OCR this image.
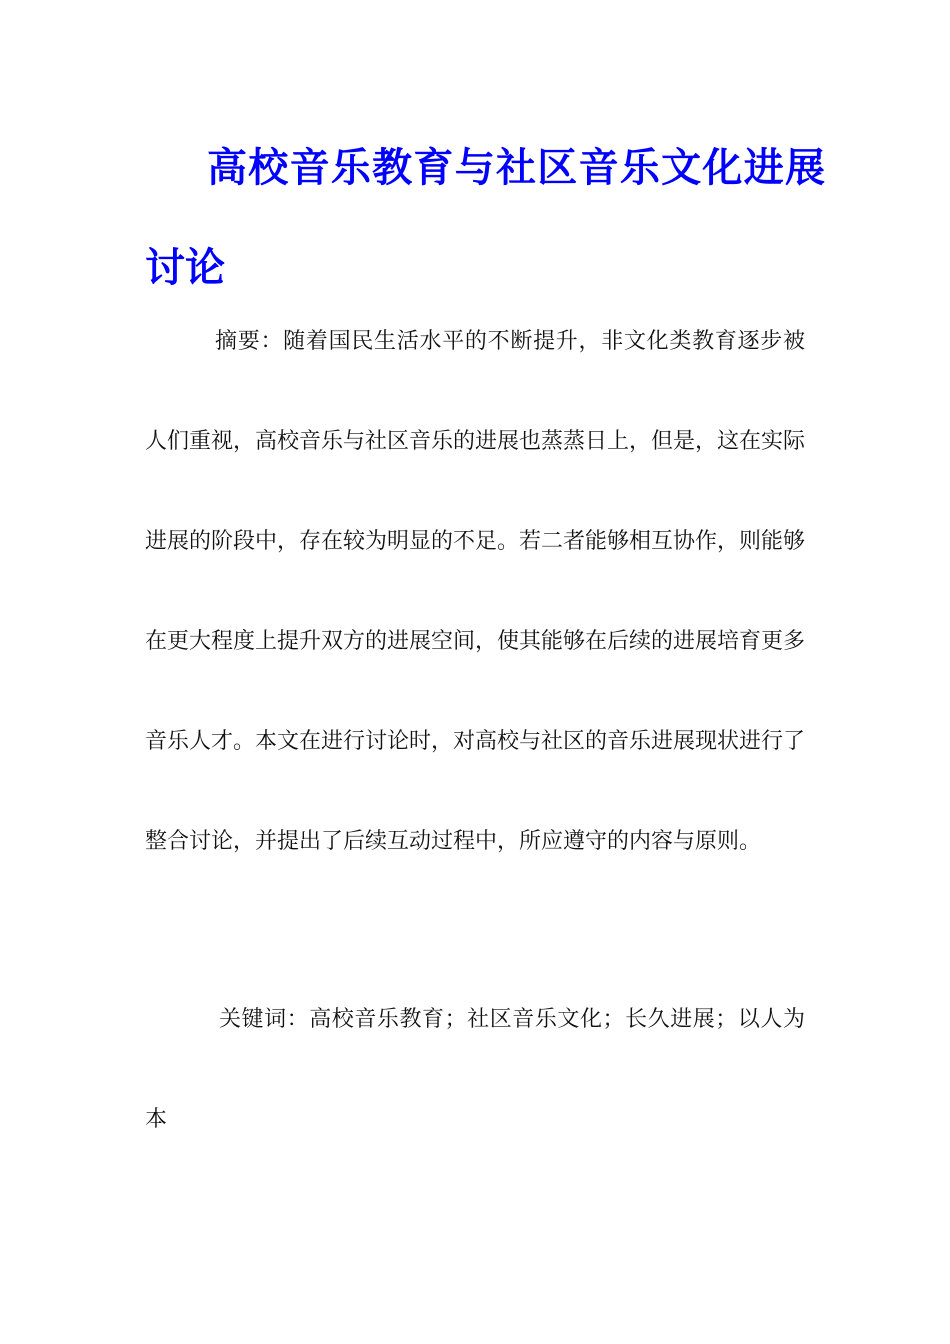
高校音乐教育与社区音乐文化进展讨论

摘要：随着国民生活水平的不断提升，非文化类教育逐步被人们重视，高校音乐与社区音乐的进展也蒸蒸日上，但是，这在实际进展的阶段中，存在较为明显的不足。若二者能够相互协作，则能够在更大程度上提升双方的进展空间，使其能够在后续的进展培育更多音乐人才。本文在进行讨论时，对高校与社区的音乐进展现状进行了整合讨论，并提出了后续互动过程中，所应遵守的内容与原则。

关键词：高校音乐教育；社区音乐文化；长久进展；以人为本
